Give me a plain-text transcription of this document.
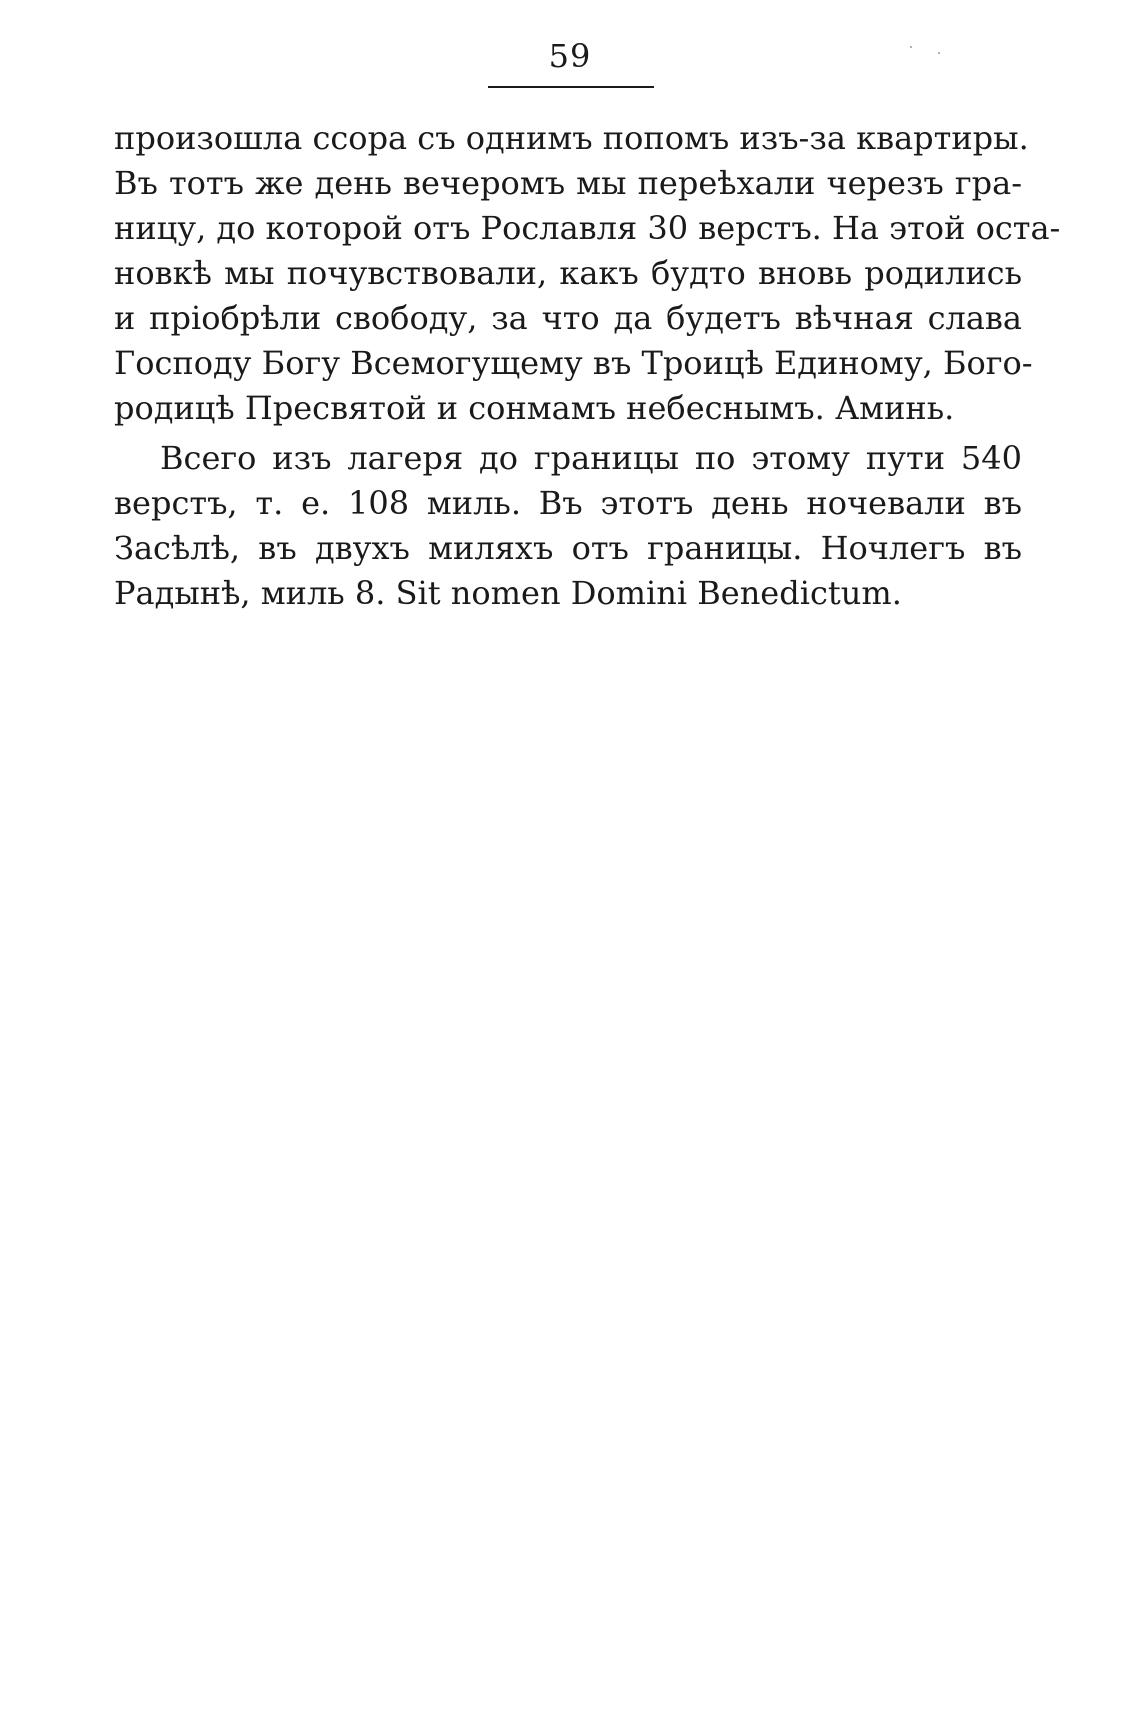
59
произошла ссора съ однимъ попомъ изъ-за квартиры.
Въ тотъ же день вечеромъ мы переѣхали черезъ гра-
ницу, до которой отъ Рославля 30 верстъ. На этой оста-
новкѣ мы почувствовали, какъ будто вновь родились
и пріобрѣли свободу, за что да будетъ вѣчная слава
Господу Богу Всемогущему въ Троицѣ Единому, Бого-
родицѣ Пресвятой и сонмамъ небеснымъ. Аминь.
Всего изъ лагеря до границы по этому пути 540
верстъ, т. е. 108 миль. Въ этотъ день ночевали въ
Засѣлѣ, въ двухъ миляхъ отъ границы. Ночлегъ въ
Радынѣ, миль 8. Sit nomen Domini Benedictum.
